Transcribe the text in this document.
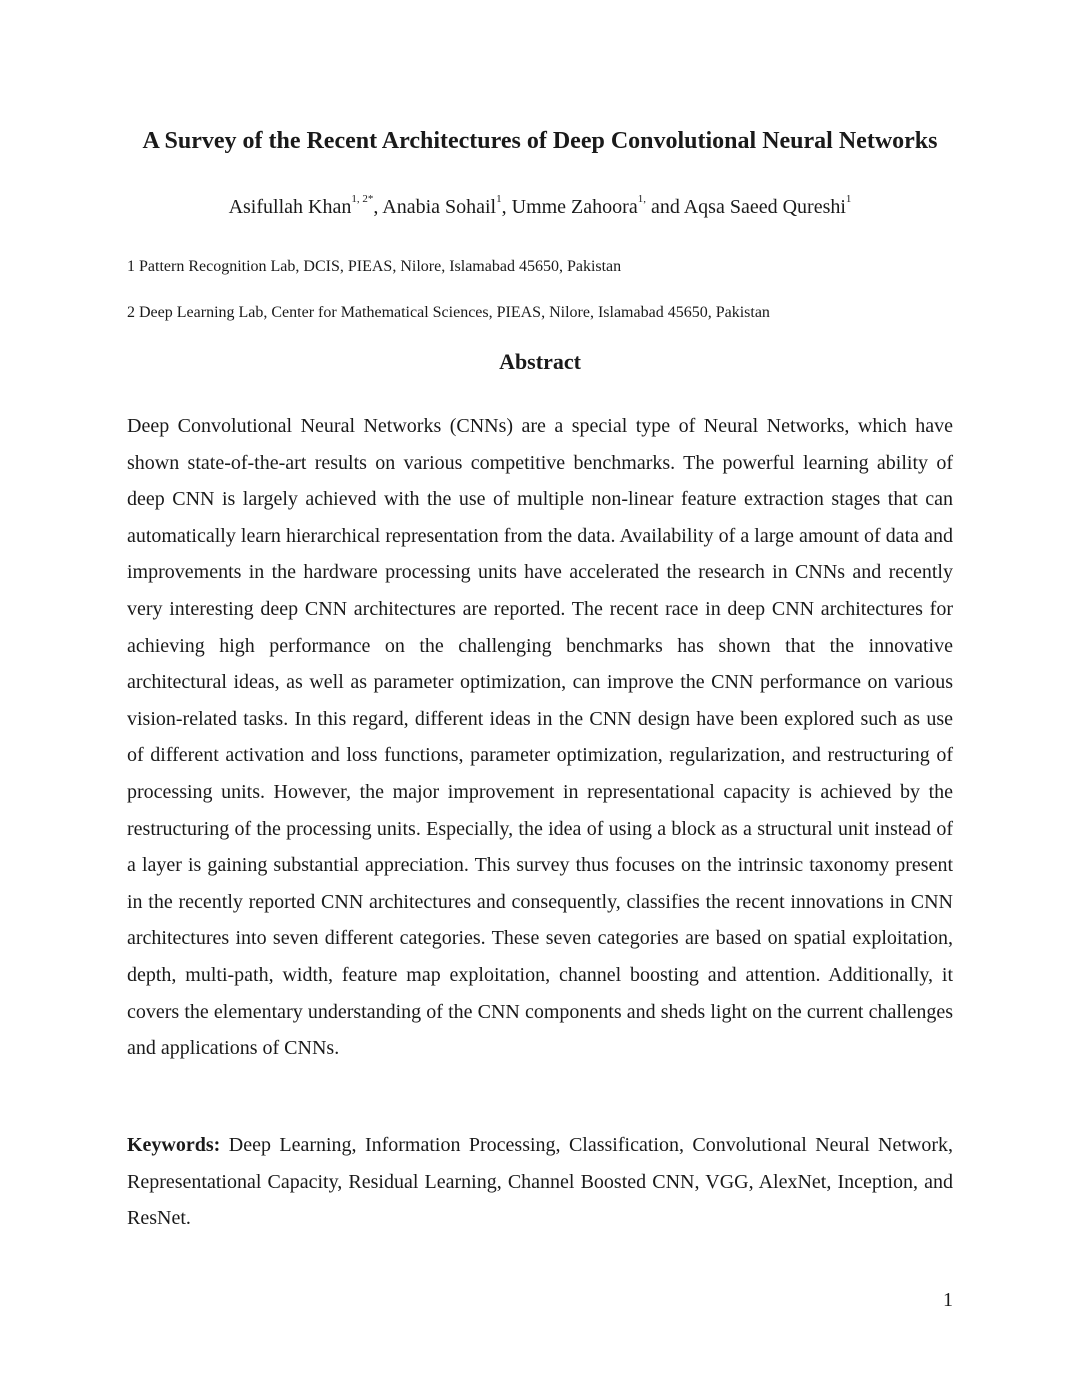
A Survey of the Recent Architectures of Deep Convolutional Neural Networks
Asifullah Khan$^{1, 2*}$, Anabia Sohail$^1$, Umme Zahoora$^{1,}$ and Aqsa Saeed Qureshi$^1$
1 Pattern Recognition Lab, DCIS, PIEAS, Nilore, Islamabad 45650, Pakistan
2 Deep Learning Lab, Center for Mathematical Sciences, PIEAS, Nilore, Islamabad 45650, Pakistan
Abstract

Deep Convolutional Neural Networks (CNNs) are a special type of Neural Networks, which have shown state-of-the-art results on various competitive benchmarks. The powerful learning ability of deep CNN is largely achieved with the use of multiple non-linear feature extraction stages that can automatically learn hierarchical representation from the data. Availability of a large amount of data and improvements in the hardware processing units have accelerated the research in CNNs and recently very interesting deep CNN architectures are reported. The recent race in deep CNN architectures for achieving high performance on the challenging benchmarks has shown that the innovative architectural ideas, as well as parameter optimization, can improve the CNN performance on various vision-related tasks. In this regard, different ideas in the CNN design have been explored such as use of different activation and loss functions, parameter optimization, regularization, and restructuring of processing units. However, the major improvement in representational capacity is achieved by the restructuring of the processing units. Especially, the idea of using a block as a structural unit instead of a layer is gaining substantial appreciation. This survey thus focuses on the intrinsic taxonomy present in the recently reported CNN architectures and consequently, classifies the recent innovations in CNN architectures into seven different categories. These seven categories are based on spatial exploitation, depth, multi-path, width, feature map exploitation, channel boosting and attention. Additionally, it covers the elementary understanding of the CNN components and sheds light on the current challenges and applications of CNNs.

Keywords: Deep Learning, Information Processing, Classification, Convolutional Neural Network, Representational Capacity, Residual Learning, Channel Boosted CNN, VGG, AlexNet, Inception, and ResNet.

1
